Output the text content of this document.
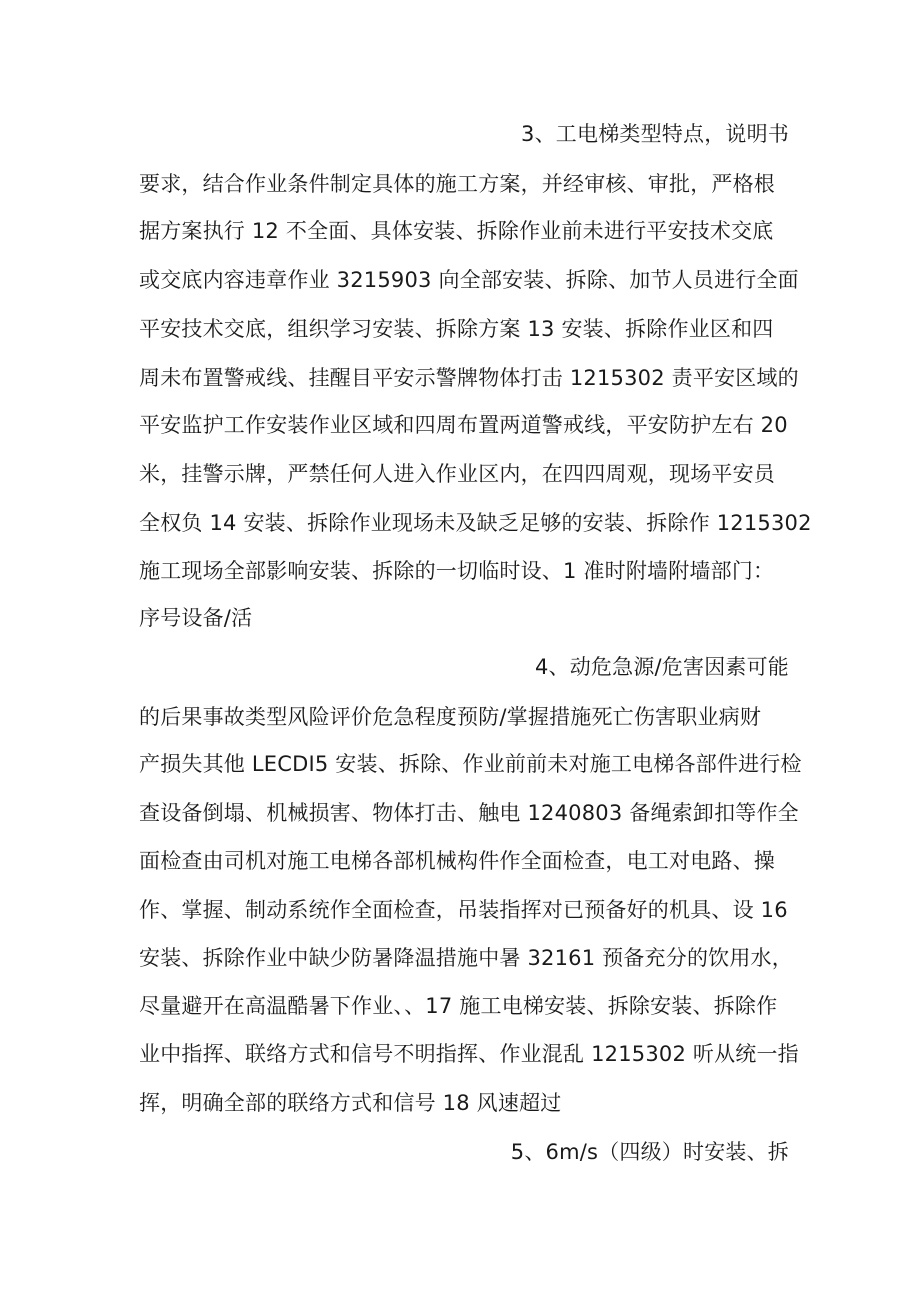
3、工电梯类型特点，说明书
要求，结合作业条件制定具体的施工方案，并经审核、审批，严格根
据方案执行 12 不全面、具体安装、拆除作业前未进行平安技术交底
或交底内容违章作业 3215903 向全部安装、拆除、加节人员进行全面
平安技术交底，组织学习安装、拆除方案 13 安装、拆除作业区和四
周未布置警戒线、挂醒目平安示警牌物体打击 1215302 责平安区域的
平安监护工作安装作业区域和四周布置两道警戒线，平安防护左右 20
米，挂警示牌，严禁任何人进入作业区内，在四四周观，现场平安员
全权负 14 安装、拆除作业现场未及缺乏足够的安装、拆除作 1215302
施工现场全部影响安装、拆除的一切临时设、1 准时附墙附墙部门：
序号设备/活
4、动危急源/危害因素可能
的后果事故类型风险评价危急程度预防/掌握措施死亡伤害职业病财
产损失其他 LECDI5 安装、拆除、作业前前未对施工电梯各部件进行检
查设备倒塌、机械损害、物体打击、触电 1240803 备绳索卸扣等作全
面检查由司机对施工电梯各部机械构件作全面检查，电工对电路、操
作、掌握、制动系统作全面检查，吊装指挥对已预备好的机具、设 16
安装、拆除作业中缺少防暑降温措施中暑 32161 预备充分的饮用水，
尽量避开在高温酷暑下作业、、17 施工电梯安装、拆除安装、拆除作
业中指挥、联络方式和信号不明指挥、作业混乱 1215302 听从统一指
挥，明确全部的联络方式和信号 18 风速超过
5、6m/s（四级）时安装、拆
